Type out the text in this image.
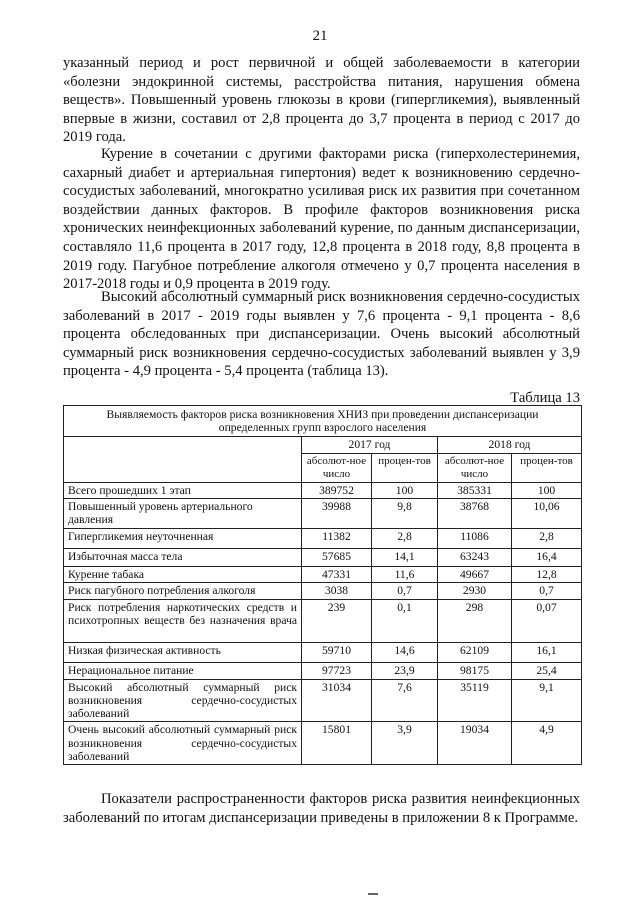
21

указанный период и рост первичной и общей заболеваемости в категории «болезни эндокринной системы, расстройства питания, нарушения обмена веществ». Повышенный уровень глюкозы в крови (гипергликемия), выявленный впервые в жизни, составил от 2,8 процента до 3,7 процента в период с 2017 до 2019 года.

Курение в сочетании с другими факторами риска (гиперхолестеринемия, сахарный диабет и артериальная гипертония) ведет к возникновению сердечно-сосудистых заболеваний, многократно усиливая риск их развития при сочетанном воздействии данных факторов. В профиле факторов возникновения риска хронических неинфекционных заболеваний курение, по данным диспансеризации, составляло 11,6 процента в 2017 году, 12,8 процента в 2018 году, 8,8 процента в 2019 году. Пагубное потребление алкоголя отмечено у 0,7 процента населения в 2017-2018 годы и 0,9 процента в 2019 году.

Высокий абсолютный суммарный риск возникновения сердечно-сосудистых заболеваний в 2017 - 2019 годы выявлен у 7,6 процента - 9,1 процента - 8,6 процента обследованных при диспансеризации. Очень высокий абсолютный суммарный риск возникновения сердечно-сосудистых заболеваний выявлен у 3,9 процента - 4,9 процента - 5,4 процента (таблица 13).

Таблица 13
Выявляемость факторов риска возникновения ХНИЗ при проведении диспансеризации определенных групп взрослого населения				
	2017 год		2018 год	
	абсолют-ное число	процен-тов	абсолют-ное число	процен-тов
Всего прошедших 1 этап	389752	100	385331	100
Повышенный уровень артериального давления	39988	9,8	38768	10,06
Гипергликемия неуточненная	11382	2,8	11086	2,8
Избыточная масса тела	57685	14,1	63243	16,4
Курение табака	47331	11,6	49667	12,8
Риск пагубного потребления алкоголя	3038	0,7	2930	0,7
Риск потребления наркотических средств и психотропных веществ без назначения врача	239	0,1	298	0,07
Низкая физическая активность	59710	14,6	62109	16,1
Нерациональное питание	97723	23,9	98175	25,4
Высокий абсолютный суммарный риск возникновения сердечно-сосудистых заболеваний	31034	7,6	35119	9,1
Очень высокий абсолютный суммарный риск возникновения сердечно-сосудистых заболеваний	15801	3,9	19034	4,9

Показатели распространенности факторов риска развития неинфекционных заболеваний по итогам диспансеризации приведены в приложении 8 к Программе.
